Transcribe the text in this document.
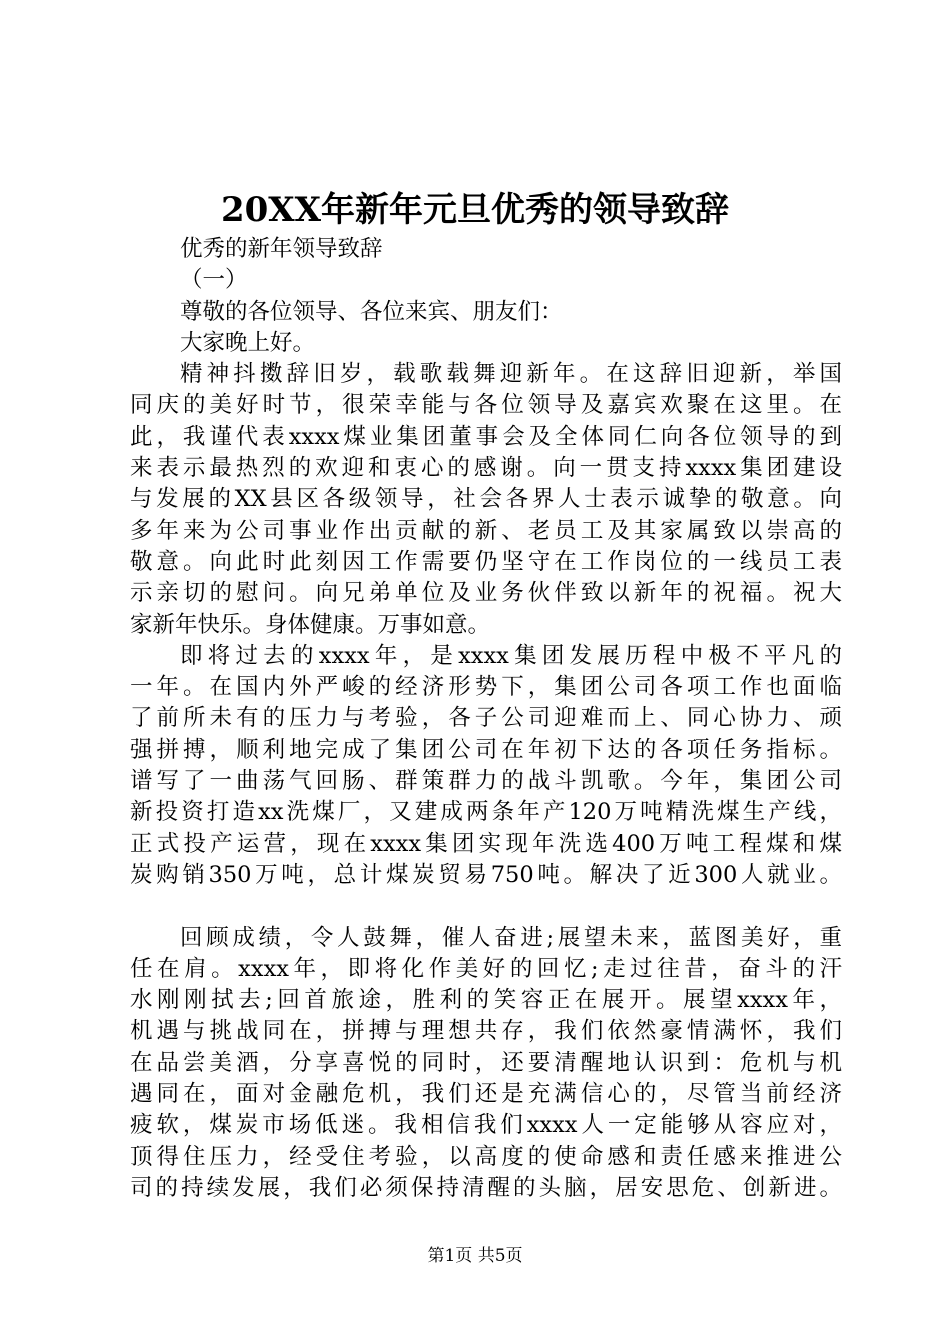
20XX年新年元旦优秀的领导致辞
优秀的新年领导致辞
（一）
尊敬的各位领导、各位来宾、朋友们：
大家晚上好。
精神抖擞辞旧岁，载歌载舞迎新年。在这辞旧迎新，举国
同庆的美好时节，很荣幸能与各位领导及嘉宾欢聚在这里。在
此，我谨代表xxxx煤业集团董事会及全体同仁向各位领导的到
来表示最热烈的欢迎和衷心的感谢。向一贯支持xxxx集团建设
与发展的XX县区各级领导，社会各界人士表示诚挚的敬意。向
多年来为公司事业作出贡献的新、老员工及其家属致以崇高的
敬意。向此时此刻因工作需要仍坚守在工作岗位的一线员工表
示亲切的慰问。向兄弟单位及业务伙伴致以新年的祝福。祝大
家新年快乐。身体健康。万事如意。
即将过去的xxxx年，是xxxx集团发展历程中极不平凡的
一年。在国内外严峻的经济形势下，集团公司各项工作也面临
了前所未有的压力与考验，各子公司迎难而上、同心协力、顽
强拼搏，顺利地完成了集团公司在年初下达的各项任务指标。
谱写了一曲荡气回肠、群策群力的战斗凯歌。今年，集团公司
新投资打造xx洗煤厂，又建成两条年产120万吨精洗煤生产线，
正式投产运营，现在xxxx集团实现年洗选400万吨工程煤和煤
炭购销350万吨，总计煤炭贸易750吨。解决了近300人就业。
回顾成绩，令人鼓舞，催人奋进;展望未来，蓝图美好，重
任在肩。xxxx年，即将化作美好的回忆;走过往昔，奋斗的汗
水刚刚拭去;回首旅途，胜利的笑容正在展开。展望xxxx年，
机遇与挑战同在，拼搏与理想共存，我们依然豪情满怀，我们
在品尝美酒，分享喜悦的同时，还要清醒地认识到：危机与机
遇同在，面对金融危机，我们还是充满信心的，尽管当前经济
疲软，煤炭市场低迷。我相信我们xxxx人一定能够从容应对，
顶得住压力，经受住考验，以高度的使命感和责任感来推进公
司的持续发展，我们必须保持清醒的头脑，居安思危、创新进。
第1页 共5页
